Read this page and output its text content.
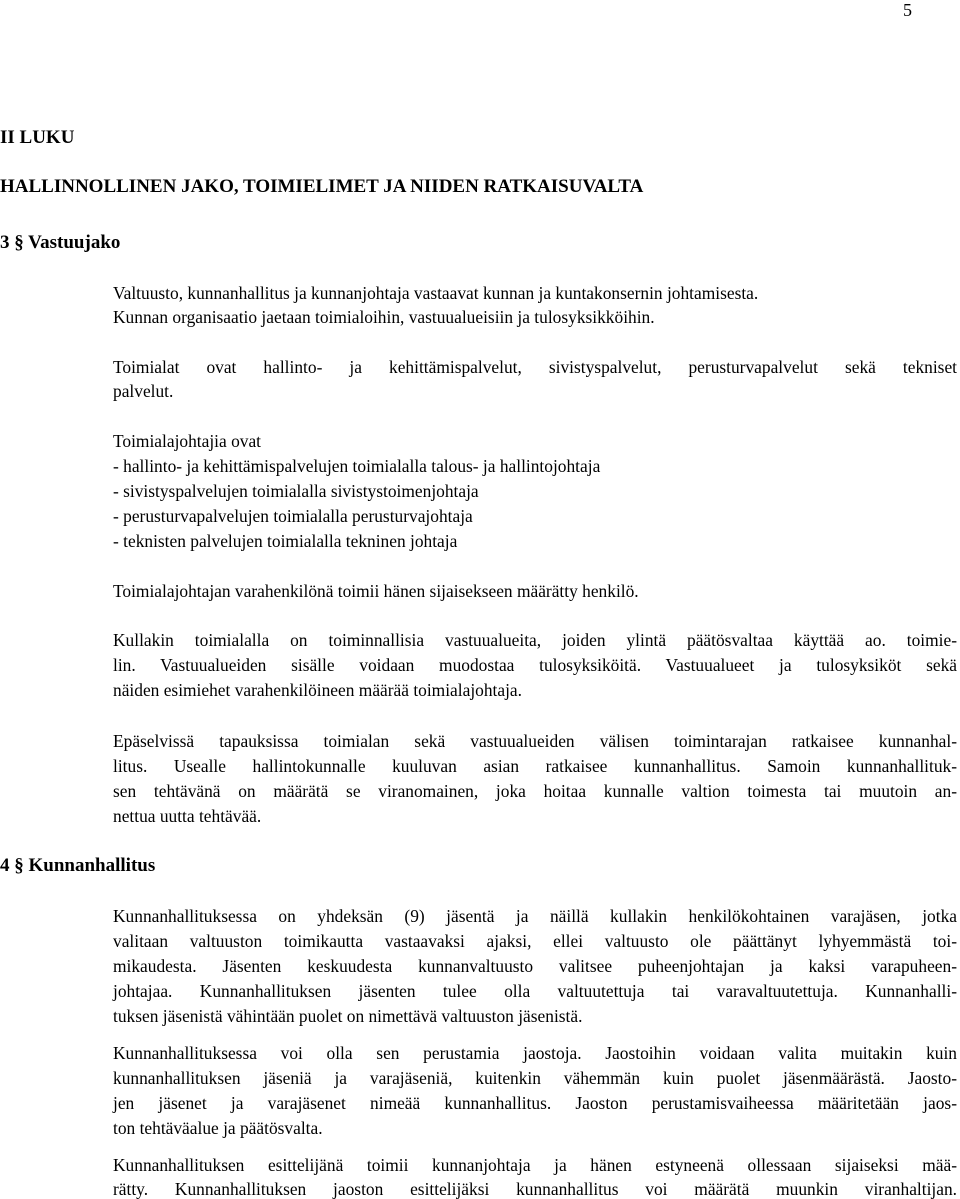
5
II LUKU
HALLINNOLLINEN JAKO, TOIMIELIMET JA NIIDEN RATKAISUVALTA
3 § Vastuujako
Valtuusto, kunnanhallitus ja kunnanjohtaja vastaavat kunnan ja kuntakonsernin johtamisesta.
Kunnan organisaatio jaetaan toimialoihin, vastuualueisiin ja tulosyksikköihin.
Toimialat ovat hallinto- ja kehittämispalvelut, sivistyspalvelut, perusturvapalvelut sekä tekniset
palvelut.
Toimialajohtajia ovat
- hallinto- ja kehittämispalvelujen toimialalla talous- ja hallintojohtaja
- sivistyspalvelujen toimialalla sivistystoimenjohtaja
- perusturvapalvelujen toimialalla perusturvajohtaja
- teknisten palvelujen toimialalla tekninen johtaja
Toimialajohtajan varahenkilönä toimii hänen sijaisekseen määrätty henkilö.
Kullakin toimialalla on toiminnallisia vastuualueita, joiden ylintä päätösvaltaa käyttää ao. toimie-
lin. Vastuualueiden sisälle voidaan muodostaa tulosyksiköitä. Vastuualueet ja tulosyksiköt sekä
näiden esimiehet varahenkilöineen määrää toimialajohtaja.
Epäselvissä tapauksissa toimialan sekä vastuualueiden välisen toimintarajan ratkaisee kunnanhal-
litus. Usealle hallintokunnalle kuuluvan asian ratkaisee kunnanhallitus. Samoin kunnanhallituk-
sen tehtävänä on määrätä se viranomainen, joka hoitaa kunnalle valtion toimesta tai muutoin an-
nettua uutta tehtävää.
4 § Kunnanhallitus
Kunnanhallituksessa on yhdeksän (9) jäsentä ja näillä kullakin henkilökohtainen varajäsen, jotka
valitaan valtuuston toimikautta vastaavaksi ajaksi, ellei valtuusto ole päättänyt lyhyemmästä toi-
mikaudesta. Jäsenten keskuudesta kunnanvaltuusto valitsee puheenjohtajan ja kaksi varapuheen-
johtajaa. Kunnanhallituksen jäsenten tulee olla valtuutettuja tai varavaltuutettuja. Kunnanhalli-
tuksen jäsenistä vähintään puolet on nimettävä valtuuston jäsenistä.
Kunnanhallituksessa voi olla sen perustamia jaostoja. Jaostoihin voidaan valita muitakin kuin
kunnanhallituksen jäseniä ja varajäseniä, kuitenkin vähemmän kuin puolet jäsenmäärästä. Jaosto-
jen jäsenet ja varajäsenet nimeää kunnanhallitus. Jaoston perustamisvaiheessa määritetään jaos-
ton tehtäväalue ja päätösvalta.
Kunnanhallituksen esittelijänä toimii kunnanjohtaja ja hänen estyneenä ollessaan sijaiseksi mää-
rätty. Kunnanhallituksen jaoston esittelijäksi kunnanhallitus voi määrätä muunkin viranhaltijan.
